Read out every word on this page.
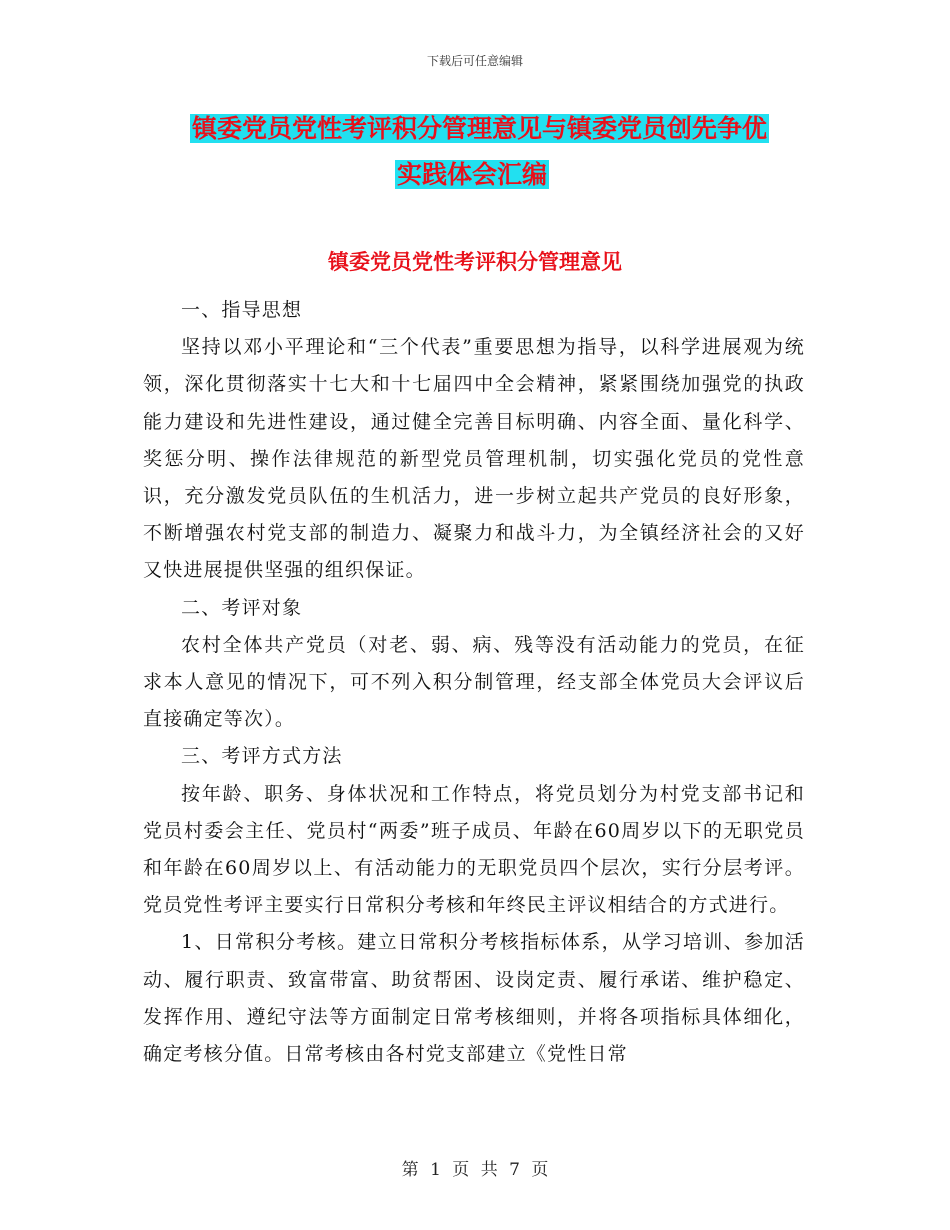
下载后可任意编辑
镇委党员党性考评积分管理意见与镇委党员创先争优
实践体会汇编
镇委党员党性考评积分管理意见

一、指导思想

坚持以邓小平理论和“三个代表”重要思想为指导，以科学进展观为统领，深化贯彻落实十七大和十七届四中全会精神，紧紧围绕加强党的执政能力建设和先进性建设，通过健全完善目标明确、内容全面、量化科学、奖惩分明、操作法律规范的新型党员管理机制，切实强化党员的党性意识，充分激发党员队伍的生机活力，进一步树立起共产党员的良好形象，不断增强农村党支部的制造力、凝聚力和战斗力，为全镇经济社会的又好又快进展提供坚强的组织保证。

二、考评对象

农村全体共产党员（对老、弱、病、残等没有活动能力的党员，在征求本人意见的情况下，可不列入积分制管理，经支部全体党员大会评议后直接确定等次）。

三、考评方式方法

按年龄、职务、身体状况和工作特点，将党员划分为村党支部书记和党员村委会主任、党员村“两委”班子成员、年龄在60周岁以下的无职党员和年龄在60周岁以上、有活动能力的无职党员四个层次，实行分层考评。党员党性考评主要实行日常积分考核和年终民主评议相结合的方式进行。

1、日常积分考核。建立日常积分考核指标体系，从学习培训、参加活动、履行职责、致富带富、助贫帮困、设岗定责、履行承诺、维护稳定、发挥作用、遵纪守法等方面制定日常考核细则，并将各项指标具体细化，确定考核分值。日常考核由各村党支部建立《党性日常

第 1 页 共 7 页
